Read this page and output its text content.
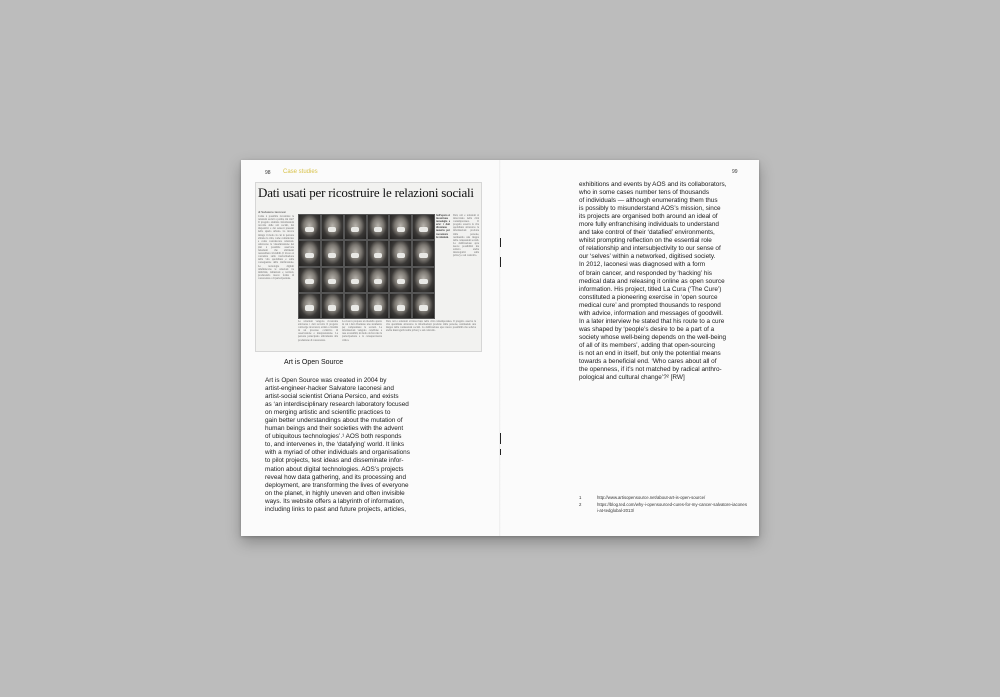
98 Case studies
Dati usati per ricostruire le relazioni sociali
di Salvatore Iaconesi
Come è possibile ricostruire le relazioni sociali a partire dai dati? Il progetto analizza informazioni raccolte dalle reti sociali, dai dispositivi e dai sensori presenti nello spazio urbano. La ricerca indaga il modo in cui le persone abitano la città, come comunicano e come costruiscono relazioni. Attraverso la visualizzazione dei dati è possibile osservare fenomeni che altrimenti resterebbero invisibili. Il lavoro si concentra sulla trasformazione della vita quotidiana e sulle conseguenze della datificazione. Le tecnologie digitali ridefiniscono le relazioni tra individui, istituzioni e territori, producendo nuove forme di conoscenza e di partecipazione.
Le relazioni vengono ricostruite attraverso i dati raccolti. Il progetto coinvolge ricercatori, artisti e cittadini in un processo collettivo di osservazione e interpretazione. Le persone partecipano attivamente alla produzione di conoscenza.
La ricerca propone un modello aperto in cui i dati diventano uno strumento per comprendere la società. Le informazioni vengono condivise e rese accessibili, in modo da favorire la partecipazione e la consapevolezza critica.
Sull'opera si incontrano tecnologia e arte: i dati diventano materia per raccontare le relazioni.
Dati, reti e relazioni si intrecciano nella città contemporanea. Il progetto osserva la vita quotidiana attraverso le informazioni prodotte dalle persone, restituendo una mappa delle connessioni sociali. La datificazione apre nuove possibilità ma solleva anche interrogativi sulla privacy e sul controllo.
Dati, reti e relazioni si intrecciano nella città contemporanea. Il progetto osserva la vita quotidiana attraverso le informazioni prodotte dalle persone, restituendo una mappa delle connessioni sociali. La datificazione apre nuove possibilità ma solleva anche interrogativi sulla privacy e sul controllo.
Art is Open Source
Art is Open Source was created in 2004 by
artist-engineer-hacker Salvatore Iaconesi and
artist-social scientist Oriana Persico, and exists
as ‘an interdisciplinary research laboratory focused
on merging artistic and scientific practices to
gain better understandings about the mutation of
human beings and their societies with the advent
of ubiquitous technologies’.¹ AOS both responds
to, and intervenes in, the ‘datafying’ world. It links
with a myriad of other individuals and organisations
to pilot projects, test ideas and disseminate infor-
mation about digital technologies. AOS’s projects
reveal how data gathering, and its processing and
deployment, are transforming the lives of everyone
on the planet, in highly uneven and often invisible
ways. Its website offers a labyrinth of information,
including links to past and future projects, articles,
99
exhibitions and events by AOS and its collaborators,
who in some cases number tens of thousands
of individuals — although enumerating them thus
is possibly to misunderstand AOS’s mission, since
its projects are organised both around an ideal of
more fully enfranchising individuals to understand
and take control of their ‘datafied’ environments,
whilst prompting reflection on the essential role
of relationship and intersubjectivity to our sense of
our ‘selves’ within a networked, digitised society.
In 2012, Iaconesi was diagnosed with a form
of brain cancer, and responded by ‘hacking’ his
medical data and releasing it online as open source
information. His project, titled La Cura (‘The Cure’)
constituted a pioneering exercise in ‘open source
medical cure’ and prompted thousands to respond
with advice, information and messages of goodwill.
In a later interview he stated that his route to a cure
was shaped by ‘people’s desire to be a part of a
society whose well-being depends on the well-being
of all of its members’, adding that open-sourcing
is not an end in itself, but only the potential means
towards a beneficial end. ‘Who cares about all of
the openness, if it’s not matched by radical anthro-
pological and cultural change’?² [RW]
1	http://www.artisopensource.net/about-art-is-open-source/
2	https://blog.ted.com/why-i-opensourced-cures-for-my-cancer-salvatore-iaconesi-at-tedglobal-2013/
